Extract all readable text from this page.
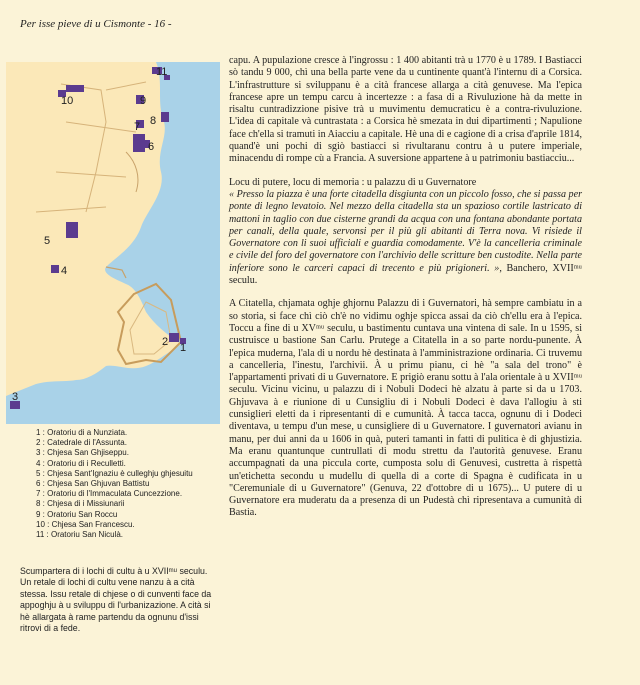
Per isse pieve di u Cismonte - 16 -
11
10	9
8
7
6
5
4
2 1
3
1 : Oratoriu di a Nunziata.
2 : Catedrale di l'Assunta.
3 : Chjesa San Ghjiseppu.
4 : Oratoriu di i Reculletti.
5 : Chjesa Sant'Ignaziu è culleghju ghjesuitu
6 : Chjesa San Ghjuvan Battistu
7 : Oratoriu di l'Immaculata Cuncezzione.
8 : Chjesa di i Missiunarii
9 : Oratoriu San Roccu
10 : Chjesa San Francescu.
11 : Oratoriu San Niculà.

Scumpartera di i lochi di cultu à u XVIIᵐᵘ seculu.

Un retale di lochi di cultu vene nanzu à a cità stessa. Issu retale di chjese o di cunventi face da appoghju à u sviluppu di l'urbanizazione. A cità si hè allargata à rame partendu da ognunu d'issi ritrovi di a fede.

capu. A pupulazione cresce à l'ingrossu : 1 400 abitanti trà u 1770 è u 1789. I Bastiacci sò tandu 9 000, chì una bella parte vene da u cuntinente quant'à l'internu di a Corsica. L'infrastrutture si sviluppanu è a cità francese allarga a cità genuvese. Ma l'epica francese apre un tempu carcu à incertezze : a fasa di a Rivuluzione hà da mette in risaltu cuntradizzione pisive trà u muvimentu demucraticu è a contra-rivuluzione. L'idea di capitale và cuntrastata : a Corsica hè smezata in dui dipartimenti ; Napulione face ch'ella si tramuti in Aiacciu a capitale. Hè una di e cagione di a crisa d'aprile 1814, quand'è uni pochi di sgiò bastiacci si rivultaranu contru à u putere imperiale, minacendu di rompe cù a Francia. A suversione appartene à u patrimoniu bastiacciu...

Locu di putere, locu di memoria : u palazzu di u Guvernatore

« Presso la piazza è una forte citadella disgiunta con un piccolo fosso, che si passa per ponte di legno levatoio. Nel mezzo della citadella sta un spazioso cortile lastricato di mattoni in taglio con due cisterne grandi da acqua con una fontana abondante portata per canali, della quale, servonsi per il più gli abitanti di Terra nova. Vi risiede il Governatore con li suoi ufficiali e guardia comodamente. V'è la cancelleria criminale e civile del foro del governatore con l'archivio delle scritture ben custodite. Nella parte inferiore sono le carceri capaci di trecento e più prigioneri. », Banchero, XVIIᵐᵘ seculu.

A Citatella, chjamata oghje ghjornu Palazzu di i Guvernatori, hà sempre cambiatu in a so storia, si face chì ciò ch'è no vidimu oghje spicca assai da ciò ch'ellu era à l'epica. Toccu a fine di u XVᵐᵘ seculu, u bastimentu cuntava una vintena di sale. In u 1595, si custruisce u bastione San Carlu. Prutege a Citatella in a so parte nordu-punente. À l'epica muderna, l'ala di u nordu hè destinata à l'amministrazione ordinaria. Ci truvemu a cancelleria, l'inestu, l'archivii. À u primu pianu, ci hè "a sala del trono" è l'appartamenti privati di u Guvernatore. E prigiò eranu sottu à l'ala orientale à u XVIIᵐᵘ seculu. Vicinu vicinu, u palazzu di i Nobuli Dodeci hè alzatu à parte si da u 1703. Ghjuvava à e riunione di u Cunsigliu di i Nobuli Dodeci è dava l'allogiu à sti cunsiglieri eletti da i ripresentanti di e cumunità. À tacca tacca, ognunu di i Dodeci diventava, u tempu d'un mese, u cunsigliere di u Guvernatore. I guvernatori avianu in manu, per dui anni da u 1606 in quà, puteri tamanti in fatti di pulitica è di ghjustizia. Ma eranu quantunque cuntrullati di modu strettu da l'autorità genuvese. Eranu accumpagnati da una piccula corte, cumposta solu di Genuvesi, custretta à rispettà un'etichetta secondu u mudellu di quella di a corte di Spagna è cudificata in u "Ceremuniale di u Guvernatore" (Genuva, 22 d'ottobre di u 1675)... U putere di u Guvernatore era muderatu da a presenza di un Pudestà chì ripresentava a cumunità di Bastia.
